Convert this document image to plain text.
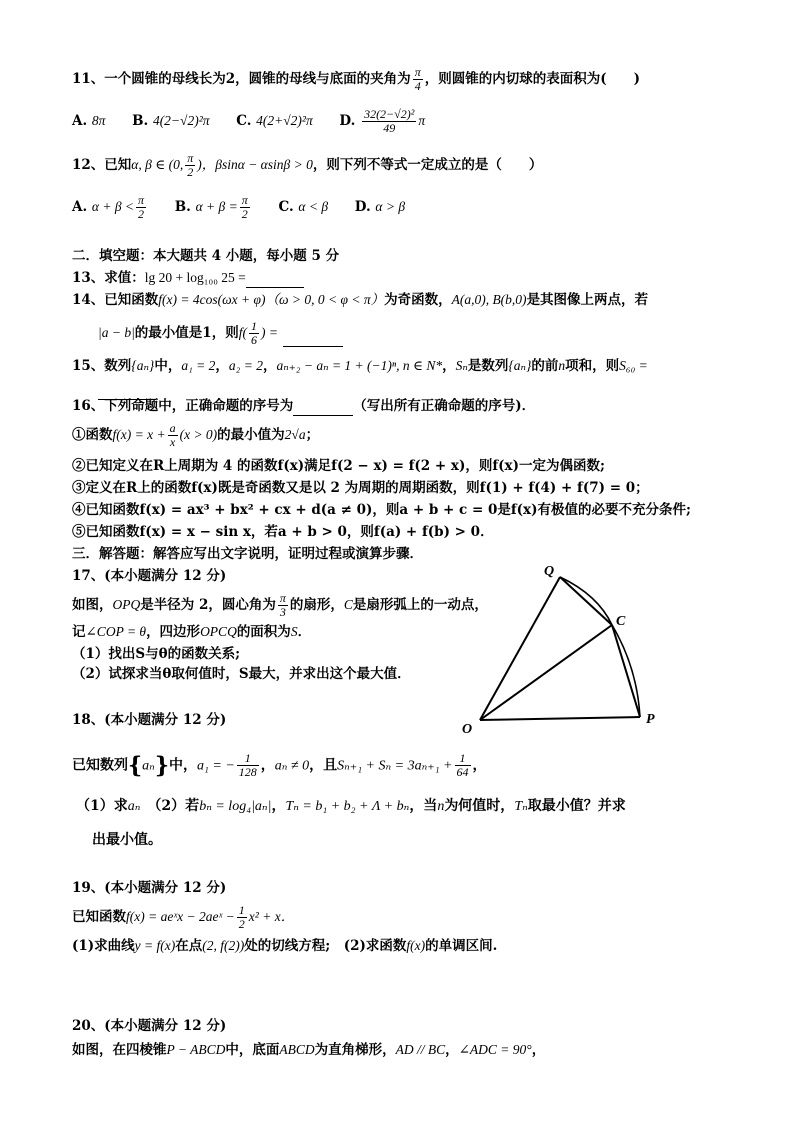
11、一个圆锥的母线长为2，圆锥的母线与底面的夹角为 $\frac{\pi}{4}$ ，则圆锥的内切球的表面积为(　　)
A. 8π B. 4(2−√2)²π C. 4(2+√2)²π D. $\frac{\text{32(2−√2)²}}{49}$ π
12、已知α, β ∈ (0, $\frac{\pi}{2}$ )，βsinα − αsinβ > 0，则下列不等式一定成立的是（　　）
A. $\alpha + \beta < \frac{\pi}{2} B$. $\alpha + \beta = \frac{\pi}{2} C$. α < β D. α > β
二．填空题：本大题共 4 小题，每小题 5 分
13、求值：lg 20 + log₁₀₀ 25 =
14、已知函数f(x) = 4cos(ωx + φ)（ω > 0, 0 < φ < π）为奇函数，A(a,0), B(b,0)是其图像上两点，若
|a − b|的最小值是1，则$f( \frac{1}{6}$ ) =
15、数列{aₙ}中，a₁ = 2，a₂ = 2，aₙ₊₂ − aₙ = 1 + (−1)ⁿ, n ∈ N*，Sₙ是数列{aₙ}的前n项和，则S₆₀ =
16、下列命题中，正确命题的序号为	（写出所有正确命题的序号)．
①函数$f(x) = x + \frac{a}{x} (x > 0)$的最小值为2√a；
②已知定义在R上周期为 4 的函数f(x)满足f(2 − x) = f(2 + x)，则f(x)一定为偶函数;
③定义在R上的函数f(x)既是奇函数又是以 2 为周期的周期函数，则f(1) + f(4) + f(7) = 0；
④已知函数f(x) = ax³ + bx² + cx + d(a ≠ 0)，则a + b + c = 0是f(x)有极值的必要不充分条件;
⑤已知函数f(x) = x − sin x，若a + b > 0，则f(a) + f(b) > 0．
三．解答题：解答应写出文字说明，证明过程或演算步骤．
17、(本小题满分 12 分)
如图，OPQ是半径为 2，圆心角为 $\frac{\pi}{3}$ 的扇形，C是扇形弧上的一动点，
记∠COP = θ，四边形OPCQ的面积为S．
（1）找出S与θ的函数关系;
（2）试探求当θ取何值时，S最大，并求出这个最大值．
Q
C
O
P
18、(本小题满分 12 分)
已知数列{aₙ}中，a₁ = − $\frac{1}{128}$ ，aₙ ≠ 0，且$S_{n+1} + S_n = 3a_{n+1} + \frac{1}{64}$ ，
（1）求aₙ　（2）若bₙ = log₄|aₙ|，Tₙ = b₁ + b₂ + Λ + bₙ，当n为何值时，Tₙ取最小值？并求
出最小值。
19、(本小题满分 12 分)
已知函数f(x) = aeˣx − 2aeˣ − $\frac{1}{2} x^2 + x$．
(1)求曲线y = f(x)在点(2, f(2))处的切线方程;　(2)求函数f(x)的单调区间.
20、(本小题满分 12 分)
如图，在四棱锥P − ABCD中，底面ABCD为直角梯形，AD // BC，∠ADC = 90°，
